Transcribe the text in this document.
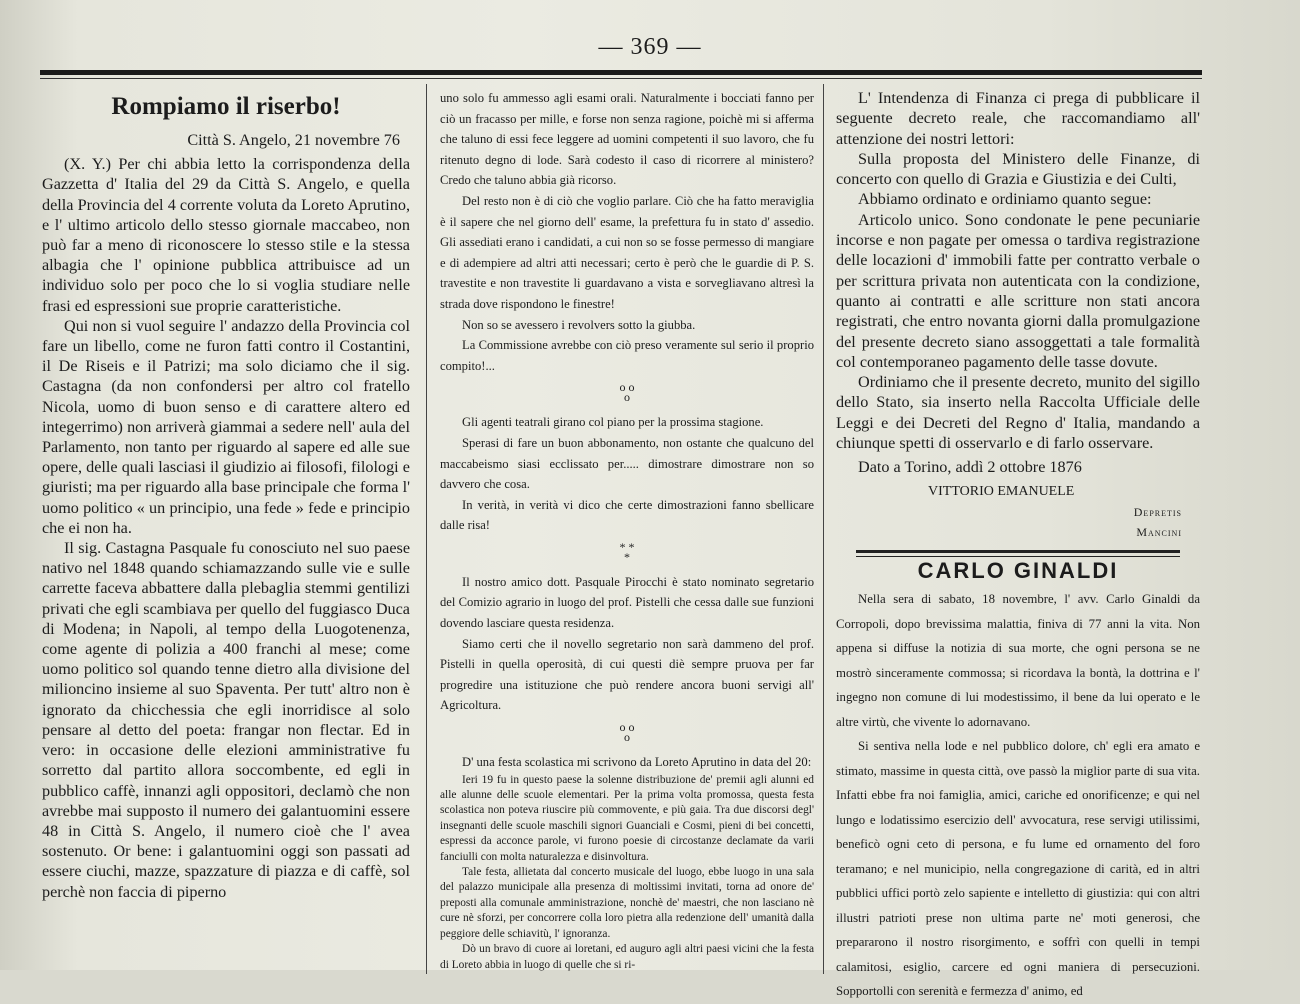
— 369 —
Rompiamo il riserbo!
Città S. Angelo, 21 novembre 76

(X. Y.) Per chi abbia letto la corrispondenza della Gazzetta d' Italia del 29 da Città S. Angelo, e quella della Provincia del 4 corrente voluta da Loreto Aprutino, e l' ultimo articolo dello stesso giornale maccabeo, non può far a meno di riconoscere lo stesso stile e la stessa albagia che l' opinione pubblica attribuisce ad un individuo solo per poco che lo si voglia studiare nelle frasi ed espressioni sue proprie caratteristiche.

Qui non si vuol seguire l' andazzo della Provincia col fare un libello, come ne furon fatti contro il Costantini, il De Riseis e il Patrizi; ma solo diciamo che il sig. Castagna (da non confondersi per altro col fratello Nicola, uomo di buon senso e di carattere altero ed integerrimo) non arriverà giammai a sedere nell' aula del Parlamento, non tanto per riguardo al sapere ed alle sue opere, delle quali lasciasi il giudizio ai filosofi, filologi e giuristi; ma per riguardo alla base principale che forma l' uomo politico « un principio, una fede » fede e principio che ei non ha.

Il sig. Castagna Pasquale fu conosciuto nel suo paese nativo nel 1848 quando schiamazzando sulle vie e sulle carrette faceva abbattere dalla plebaglia stemmi gentilizi privati che egli scambiava per quello del fuggiasco Duca di Modena; in Napoli, al tempo della Luogotenenza, come agente di polizia a 400 franchi al mese; come uomo politico sol quando tenne dietro alla divisione del milioncino insieme al suo Spaventa. Per tutt' altro non è ignorato da chicchessia che egli inorridisce al solo pensare al detto del poeta: frangar non flectar. Ed in vero: in occasione delle elezioni amministrative fu sorretto dal partito allora soccombente, ed egli in pubblico caffè, innanzi agli oppositori, declamò che non avrebbe mai supposto il numero dei galantuomini essere 48 in Città S. Angelo, il numero cioè che l' avea sostenuto. Or bene: i galantuomini oggi son passati ad essere ciuchi, mazze, spazzature di piazza e di caffè, sol perchè non faccia di piperno

uno solo fu ammesso agli esami orali. Naturalmente i bocciati fanno per ciò un fracasso per mille, e forse non senza ragione, poichè mi si afferma che taluno di essi fece leggere ad uomini competenti il suo lavoro, che fu ritenuto degno di lode. Sarà codesto il caso di ricorrere al ministero? Credo che taluno abbia già ricorso.

Del resto non è di ciò che voglio parlare. Ciò che ha fatto meraviglia è il sapere che nel giorno dell' esame, la prefettura fu in stato d' assedio. Gli assediati erano i candidati, a cui non so se fosse permesso di mangiare e di adempiere ad altri atti necessari; certo è però che le guardie di P. S. travestite e non travestite li guardavano a vista e sorvegliavano altresì la strada dove rispondono le finestre!

Non so se avessero i revolvers sotto la giubba.

La Commissione avrebbe con ciò preso veramente sul serio il proprio compito!...

o o
o

Gli agenti teatrali girano col piano per la prossima stagione.

Sperasi di fare un buon abbonamento, non ostante che qualcuno del maccabeismo siasi ecclissato per..... dimostrare dimostrare non so davvero che cosa.

In verità, in verità vi dico che certe dimostrazioni fanno sbellicare dalle risa!

* *
*

Il nostro amico dott. Pasquale Pirocchi è stato nominato segretario del Comizio agrario in luogo del prof. Pistelli che cessa dalle sue funzioni dovendo lasciare questa residenza.

Siamo certi che il novello segretario non sarà dammeno del prof. Pistelli in quella operosità, di cui questi diè sempre pruova per far progredire una istituzione che può rendere ancora buoni servigi all' Agricoltura.

o o
o

D' una festa scolastica mi scrivono da Loreto Aprutino in data del 20:

Ieri 19 fu in questo paese la solenne distribuzione de' premii agli alunni ed alle alunne delle scuole elementari. Per la prima volta promossa, questa festa scolastica non poteva riuscire più commovente, e più gaia. Tra due discorsi degl' insegnanti delle scuole maschili signori Guanciali e Cosmi, pieni di bei concetti, espressi da acconce parole, vi furono poesie di circostanze declamate da varii fanciulli con molta naturalezza e disinvoltura.

Tale festa, allietata dal concerto musicale del luogo, ebbe luogo in una sala del palazzo municipale alla presenza di moltissimi invitati, torna ad onore de' preposti alla comunale amministrazione, nonchè de' maestri, che non lasciano nè cure nè sforzi, per concorrere colla loro pietra alla redenzione dell' umanità dalla peggiore delle schiavitù, l' ignoranza.

Dò un bravo di cuore ai loretani, ed auguro agli altri paesi vicini che la festa di Loreto abbia in luogo di quelle che si ri-

L' Intendenza di Finanza ci prega di pubblicare il seguente decreto reale, che raccomandiamo all' attenzione dei nostri lettori:

Sulla proposta del Ministero delle Finanze, di concerto con quello di Grazia e Giustizia e dei Culti,

Abbiamo ordinato e ordiniamo quanto segue:

Articolo unico. Sono condonate le pene pecuniarie incorse e non pagate per omessa o tardiva registrazione delle locazioni d' immobili fatte per contratto verbale o per scrittura privata non autenticata con la condizione, quanto ai contratti e alle scritture non stati ancora registrati, che entro novanta giorni dalla promulgazione del presente decreto siano assoggettati a tale formalità col contemporaneo pagamento delle tasse dovute.

Ordiniamo che il presente decreto, munito del sigillo dello Stato, sia inserto nella Raccolta Ufficiale delle Leggi e dei Decreti del Regno d' Italia, mandando a chiunque spetti di osservarlo e di farlo osservare.

Dato a Torino, addì 2 ottobre 1876

VITTORIO EMANUELE

Depretis
Mancini
CARLO GINALDI

Nella sera di sabato, 18 novembre, l' avv. Carlo Ginaldi da Corropoli, dopo brevissima malattia, finiva di 77 anni la vita. Non appena si diffuse la notizia di sua morte, che ogni persona se ne mostrò sinceramente commossa; si ricordava la bontà, la dottrina e l' ingegno non comune di lui modestissimo, il bene da lui operato e le altre virtù, che vivente lo adornavano.

Si sentiva nella lode e nel pubblico dolore, ch' egli era amato e stimato, massime in questa città, ove passò la miglior parte di sua vita. Infatti ebbe fra noi famiglia, amici, cariche ed onorificenze; e qui nel lungo e lodatissimo esercizio dell' avvocatura, rese servigi utilissimi, beneficò ogni ceto di persona, e fu lume ed ornamento del foro teramano; e nel municipio, nella congregazione di carità, ed in altri pubblici uffici portò zelo sapiente e intelletto di giustizia: qui con altri illustri patrioti prese non ultima parte ne' moti generosi, che prepararono il nostro risorgimento, e soffrì con quelli in tempi calamitosi, esiglio, carcere ed ogni maniera di persecuzioni. Sopportolli con serenità e fermezza d' animo, ed
